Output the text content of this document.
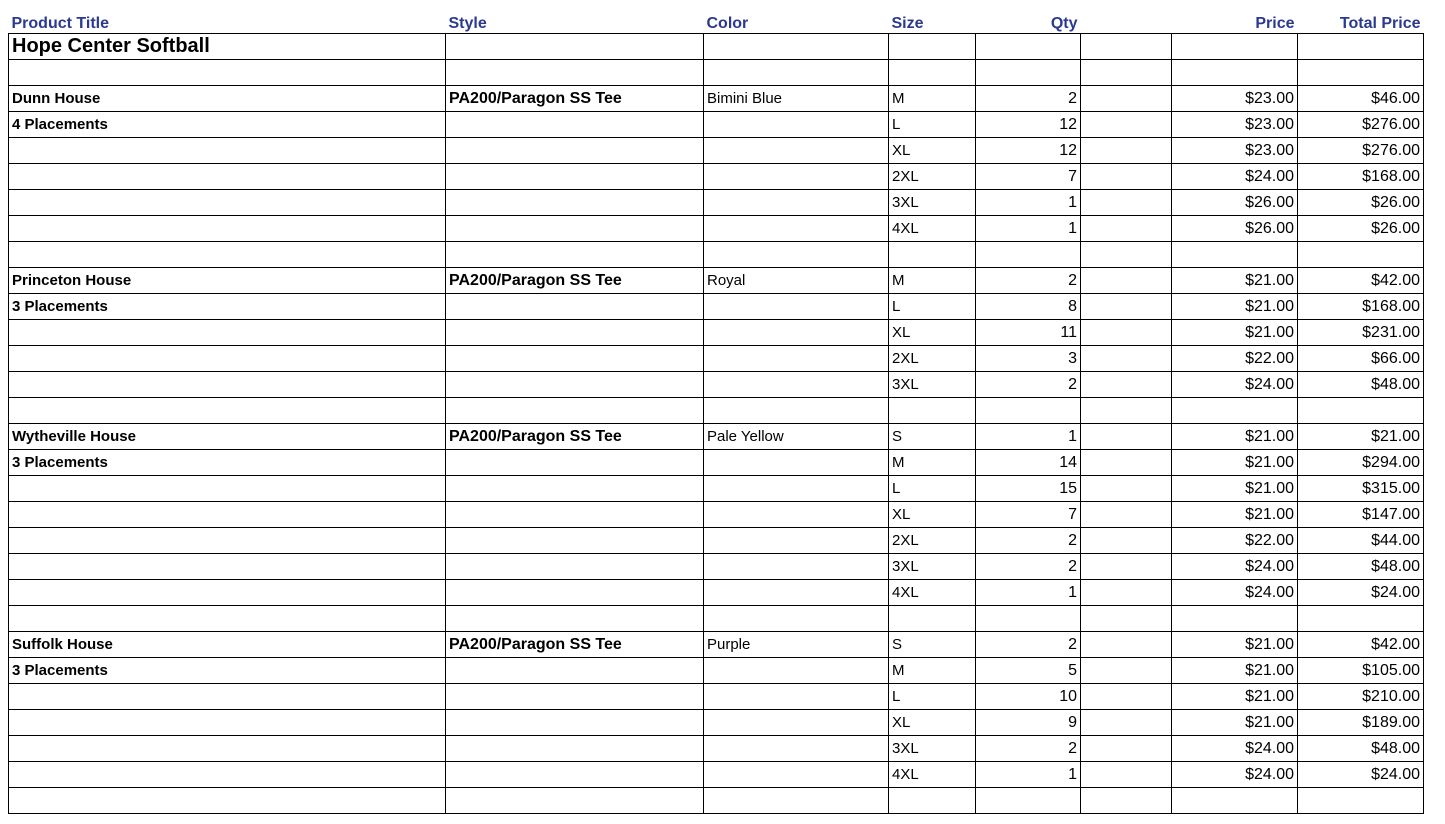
Product Title	Style	Color	Size	Qty		Price	Total Price
Hope Center Softball							

Dunn House	PA200/Paragon SS Tee	Bimini Blue	M	2		$23.00	$46.00
4 Placements			L	12		$23.00	$276.00
			XL	12		$23.00	$276.00
			2XL	7		$24.00	$168.00
			3XL	1		$26.00	$26.00
			4XL	1		$26.00	$26.00

Princeton House	PA200/Paragon SS Tee	Royal	M	2		$21.00	$42.00
3 Placements			L	8		$21.00	$168.00
			XL	11		$21.00	$231.00
			2XL	3		$22.00	$66.00
			3XL	2		$24.00	$48.00

Wytheville House	PA200/Paragon SS Tee	Pale Yellow	S	1		$21.00	$21.00
3 Placements			M	14		$21.00	$294.00
			L	15		$21.00	$315.00
			XL	7		$21.00	$147.00
			2XL	2		$22.00	$44.00
			3XL	2		$24.00	$48.00
			4XL	1		$24.00	$24.00

Suffolk House	PA200/Paragon SS Tee	Purple	S	2		$21.00	$42.00
3 Placements			M	5		$21.00	$105.00
			L	10		$21.00	$210.00
			XL	9		$21.00	$189.00
			3XL	2		$24.00	$48.00
			4XL	1		$24.00	$24.00
